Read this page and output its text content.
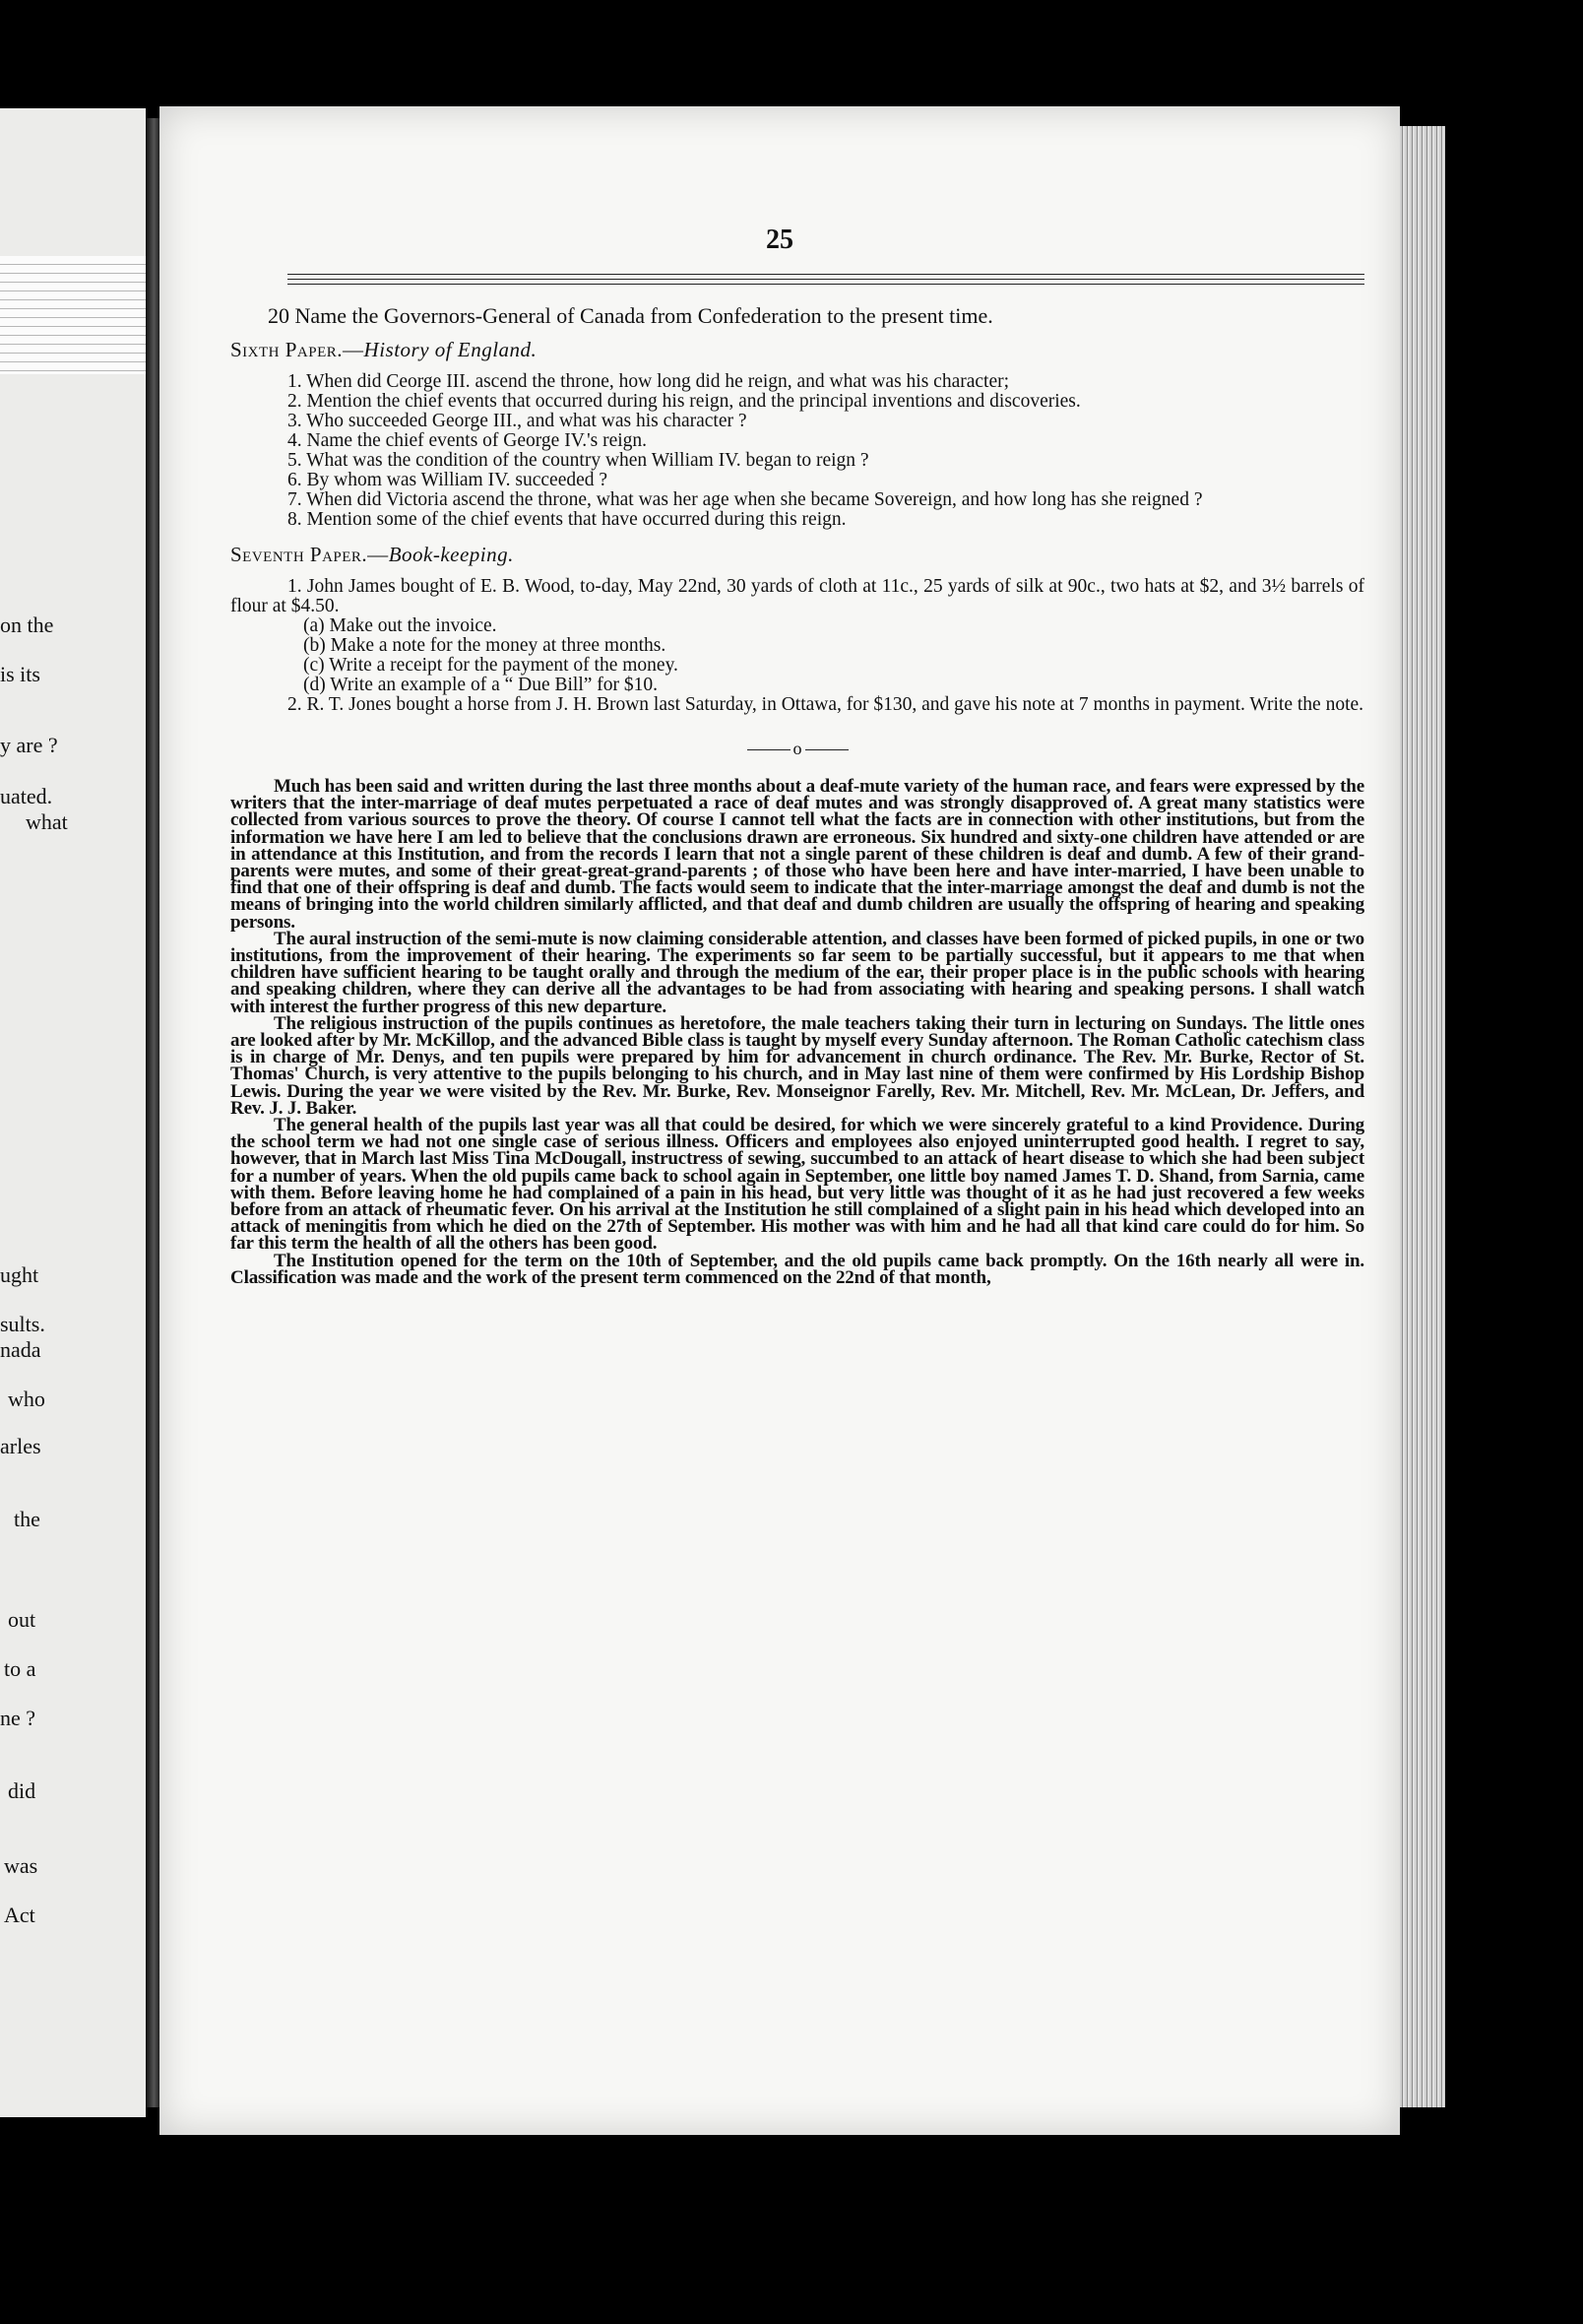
on the
is its
y are ?
uated.
what
ught
sults.
nada
who
arles
the
out
to a
ne ?
did
was
Act
25
20 Name the Governors-General of Canada from Confederation to the present time.
Sixth Paper.—History of England.
1. When did Ceorge III. ascend the throne, how long did he reign, and what was his character;
2. Mention the chief events that occurred during his reign, and the principal inventions and discoveries.
3. Who succeeded George III., and what was his character ?
4. Name the chief events of George IV.'s reign.
5. What was the condition of the country when William IV. began to reign ?
6. By whom was William IV. succeeded ?
7. When did Victoria ascend the throne, what was her age when she became Sovereign, and how long has she reigned ?
8. Mention some of the chief events that have occurred during this reign.
Seventh Paper.—Book-keeping.
1. John James bought of E. B. Wood, to-day, May 22nd, 30 yards of cloth at 11c., 25 yards of silk at 90c., two hats at $2, and 3½ barrels of flour at $4.50.
(a) Make out the invoice.
(b) Make a note for the money at three months.
(c) Write a receipt for the payment of the money.
(d) Write an example of a “ Due Bill” for $10.
2. R. T. Jones bought a horse from J. H. Brown last Saturday, in Ottawa, for $130, and gave his note at 7 months in payment. Write the note.
o

Much has been said and written during the last three months about a deaf-mute variety of the human race, and fears were expressed by the writers that the inter-marriage of deaf mutes perpetuated a race of deaf mutes and was strongly disapproved of. A great many statistics were collected from various sources to prove the theory. Of course I cannot tell what the facts are in connection with other institutions, but from the information we have here I am led to believe that the conclusions drawn are erroneous. Six hundred and sixty-one children have attended or are in attendance at this Institution, and from the records I learn that not a single parent of these children is deaf and dumb. A few of their grand-parents were mutes, and some of their great-great-grand-parents ; of those who have been here and have inter-married, I have been unable to find that one of their offspring is deaf and dumb. The facts would seem to indicate that the inter-marriage amongst the deaf and dumb is not the means of bringing into the world children similarly afflicted, and that deaf and dumb children are usually the offspring of hearing and speaking persons.

The aural instruction of the semi-mute is now claiming considerable attention, and classes have been formed of picked pupils, in one or two institutions, from the improvement of their hearing. The experiments so far seem to be partially successful, but it appears to me that when children have sufficient hearing to be taught orally and through the medium of the ear, their proper place is in the public schools with hearing and speaking children, where they can derive all the advantages to be had from associating with hearing and speaking persons. I shall watch with interest the further progress of this new departure.

The religious instruction of the pupils continues as heretofore, the male teachers taking their turn in lecturing on Sundays. The little ones are looked after by Mr. McKillop, and the advanced Bible class is taught by myself every Sunday afternoon. The Roman Catholic catechism class is in charge of Mr. Denys, and ten pupils were prepared by him for advancement in church ordinance. The Rev. Mr. Burke, Rector of St. Thomas' Church, is very attentive to the pupils belonging to his church, and in May last nine of them were confirmed by His Lordship Bishop Lewis. During the year we were visited by the Rev. Mr. Burke, Rev. Monseignor Farelly, Rev. Mr. Mitchell, Rev. Mr. McLean, Dr. Jeffers, and Rev. J. J. Baker.

The general health of the pupils last year was all that could be desired, for which we were sincerely grateful to a kind Providence. During the school term we had not one single case of serious illness. Officers and employees also enjoyed uninterrupted good health. I regret to say, however, that in March last Miss Tina McDougall, instructress of sewing, succumbed to an attack of heart disease to which she had been subject for a number of years. When the old pupils came back to school again in September, one little boy named James T. D. Shand, from Sarnia, came with them. Before leaving home he had complained of a pain in his head, but very little was thought of it as he had just recovered a few weeks before from an attack of rheumatic fever. On his arrival at the Institution he still complained of a slight pain in his head which developed into an attack of meningitis from which he died on the 27th of September. His mother was with him and he had all that kind care could do for him. So far this term the health of all the others has been good.

The Institution opened for the term on the 10th of September, and the old pupils came back promptly. On the 16th nearly all were in. Classification was made and the work of the present term commenced on the 22nd of that month,
